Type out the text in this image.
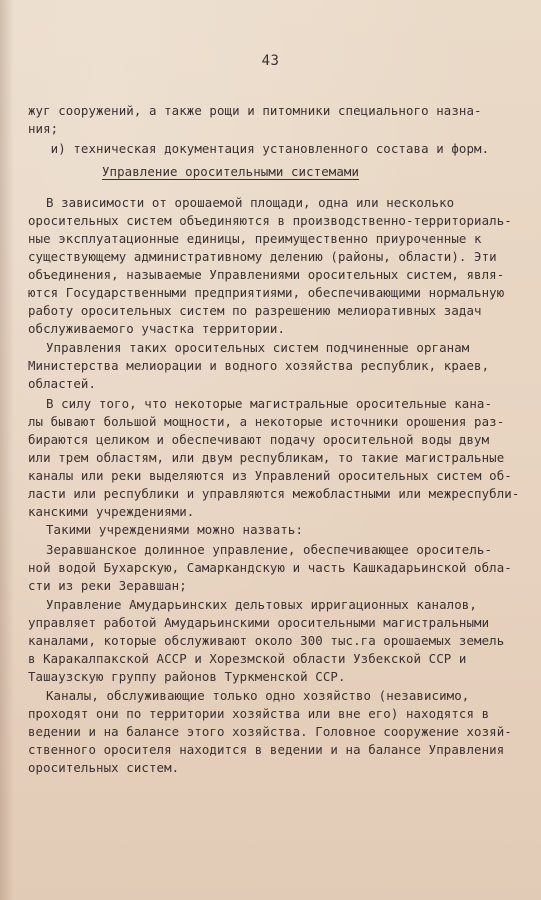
43
жуг сооружений, а также рощи и питомники специального назна-
ния;
и) техническая документация установленного состава и форм.
Управление оросительными системами
В зависимости от орошаемой площади, одна или несколько
оросительных систем объединяются в производственно-территориаль-
ные эксплуатационные единицы, преимущественно приуроченные к
существующему административному делению (районы, области). Эти
объединения, называемые Управлениями оросительных систем, явля-
ются Государственными предприятиями, обеспечивающими нормальную
работу оросительных систем по разрешению мелиоративных задач
обслуживаемого участка территории.
Управления таких оросительных систем подчиненные органам
Министерства мелиорации и водного хозяйства республик, краев,
областей.
В силу того, что некоторые магистральные оросительные кана-
лы бывают большой мощности, а некоторые источники орошения раз-
бираются целиком и обеспечивают подачу оросительной воды двум
или трем областям, или двум республикам, то такие магистральные
каналы или реки выделяются из Управлений оросительных систем об-
ласти или республики и управляются межобластными или межреспубли-
канскими учреждениями.
Такими учреждениями можно назвать:
Зеравшанское долинное управление, обеспечивающее ороситель-
ной водой Бухарскую, Самаркандскую и часть Кашкадарьинской обла-
сти из реки Зеравшан;
Управление Амударьинских дельтовых ирригационных каналов,
управляет работой Амударьинскими оросительными магистральными
каналами, которые обслуживают около 300 тыс.га орошаемых земель
в Каракалпакской АССР и Хорезмской области Узбекской ССР и
Ташаузскую группу районов Туркменской ССР.
Каналы, обслуживающие только одно хозяйство (независимо,
проходят они по территории хозяйства или вне его) находятся в
ведении и на балансе этого хозяйства. Головное сооружение хозяй-
ственного оросителя находится в ведении и на балансе Управления
оросительных систем.
